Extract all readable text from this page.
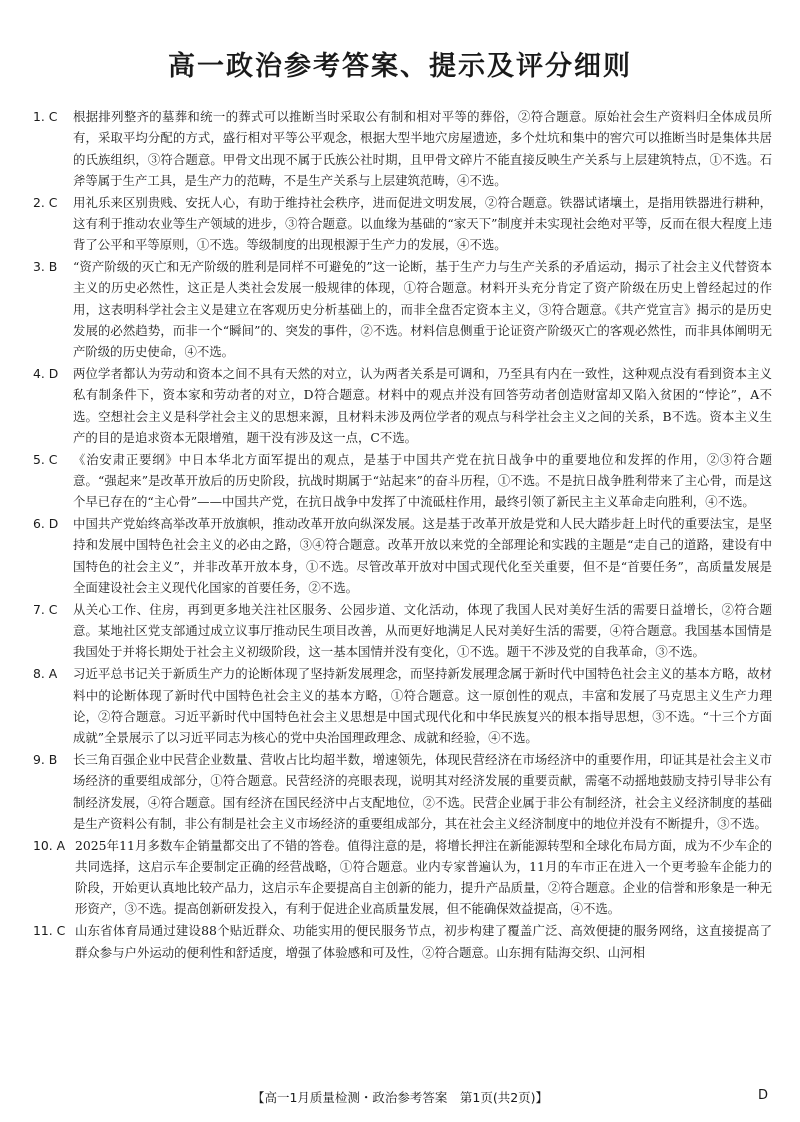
高一政治参考答案、提示及评分细则
1. C	根据排列整齐的墓葬和统一的葬式可以推断当时采取公有制和相对平等的葬俗，②符合题意。原始社会生产资料归全体成员所有，采取平均分配的方式，盛行相对平等公平观念，根据大型半地穴房屋遗迹，多个灶坑和集中的窖穴可以推断当时是集体共居的氏族组织，③符合题意。甲骨文出现不属于氏族公社时期，且甲骨文碎片不能直接反映生产关系与上层建筑特点，①不选。石斧等属于生产工具，是生产力的范畴，不是生产关系与上层建筑范畴，④不选。
2. C	用礼乐来区别贵贱、安抚人心，有助于维持社会秩序，进而促进文明发展，②符合题意。铁器试诸壤土，是指用铁器进行耕种，这有利于推动农业等生产领域的进步，③符合题意。以血缘为基础的“家天下”制度并未实现社会绝对平等，反而在很大程度上违背了公平和平等原则，①不选。等级制度的出现根源于生产力的发展，④不选。
3. B	“资产阶级的灭亡和无产阶级的胜利是同样不可避免的”这一论断，基于生产力与生产关系的矛盾运动，揭示了社会主义代替资本主义的历史必然性，这正是人类社会发展一般规律的体现，①符合题意。材料开头充分肯定了资产阶级在历史上曾经起过的作用，这表明科学社会主义是建立在客观历史分析基础上的，而非全盘否定资本主义，③符合题意。《共产党宣言》揭示的是历史发展的必然趋势，而非一个“瞬间”的、突发的事件，②不选。材料信息侧重于论证资产阶级灭亡的客观必然性，而非具体阐明无产阶级的历史使命，④不选。
4. D	两位学者都认为劳动和资本之间不具有天然的对立，认为两者关系是可调和，乃至具有内在一致性，这种观点没有看到资本主义私有制条件下，资本家和劳动者的对立，D符合题意。材料中的观点并没有回答劳动者创造财富却又陷入贫困的“悖论”，A不选。空想社会主义是科学社会主义的思想来源，且材料未涉及两位学者的观点与科学社会主义之间的关系，B不选。资本主义生产的目的是追求资本无限增殖，题干没有涉及这一点，C不选。
5. C	《治安肃正要纲》中日本华北方面军提出的观点，是基于中国共产党在抗日战争中的重要地位和发挥的作用，②③符合题意。“强起来”是改革开放后的历史阶段，抗战时期属于“站起来”的奋斗历程，①不选。不是抗日战争胜利带来了主心骨，而是这个早已存在的“主心骨”——中国共产党，在抗日战争中发挥了中流砥柱作用，最终引领了新民主主义革命走向胜利，④不选。
6. D	中国共产党始终高举改革开放旗帜，推动改革开放向纵深发展。这是基于改革开放是党和人民大踏步赶上时代的重要法宝，是坚持和发展中国特色社会主义的必由之路，③④符合题意。改革开放以来党的全部理论和实践的主题是“走自己的道路，建设有中国特色的社会主义”，并非改革开放本身，①不选。尽管改革开放对中国式现代化至关重要，但不是“首要任务”，高质量发展是全面建设社会主义现代化国家的首要任务，②不选。
7. C	从关心工作、住房，再到更多地关注社区服务、公园步道、文化活动，体现了我国人民对美好生活的需要日益增长，②符合题意。某地社区党支部通过成立议事厅推动民生项目改善，从而更好地满足人民对美好生活的需要，④符合题意。我国基本国情是我国处于并将长期处于社会主义初级阶段，这一基本国情并没有变化，①不选。题干不涉及党的自我革命，③不选。
8. A	习近平总书记关于新质生产力的论断体现了坚持新发展理念，而坚持新发展理念属于新时代中国特色社会主义的基本方略，故材料中的论断体现了新时代中国特色社会主义的基本方略，①符合题意。这一原创性的观点，丰富和发展了马克思主义生产力理论，②符合题意。习近平新时代中国特色社会主义思想是中国式现代化和中华民族复兴的根本指导思想，③不选。“十三个方面成就”全景展示了以习近平同志为核心的党中央治国理政理念、成就和经验，④不选。
9. B	长三角百强企业中民营企业数量、营收占比均超半数，增速领先，体现民营经济在市场经济中的重要作用，印证其是社会主义市场经济的重要组成部分，①符合题意。民营经济的亮眼表现，说明其对经济发展的重要贡献，需毫不动摇地鼓励支持引导非公有制经济发展，④符合题意。国有经济在国民经济中占支配地位，②不选。民营企业属于非公有制经济，社会主义经济制度的基础是生产资料公有制，非公有制是社会主义市场经济的重要组成部分，其在社会主义经济制度中的地位并没有不断提升，③不选。
10. A 2025年11月多数车企销量都交出了不错的答卷。值得注意的是，将增长押注在新能源转型和全球化布局方面，成为不少车企的共同选择，这启示车企要制定正确的经营战略，①符合题意。业内专家普遍认为，11月的车市正在进入一个更考验车企能力的阶段，开始更认真地比较产品力，这启示车企要提高自主创新的能力，提升产品质量，②符合题意。企业的信誉和形象是一种无形资产，③不选。提高创新研发投入，有利于促进企业高质量发展，但不能确保效益提高，④不选。
11. C 山东省体育局通过建设88个贴近群众、功能实用的便民服务节点，初步构建了覆盖广泛、高效便捷的服务网络，这直接提高了群众参与户外运动的便利性和舒适度，增强了体验感和可及性，②符合题意。山东拥有陆海交织、山河相
【高一1月质量检测・政治参考答案　第1页(共2页)】	D
